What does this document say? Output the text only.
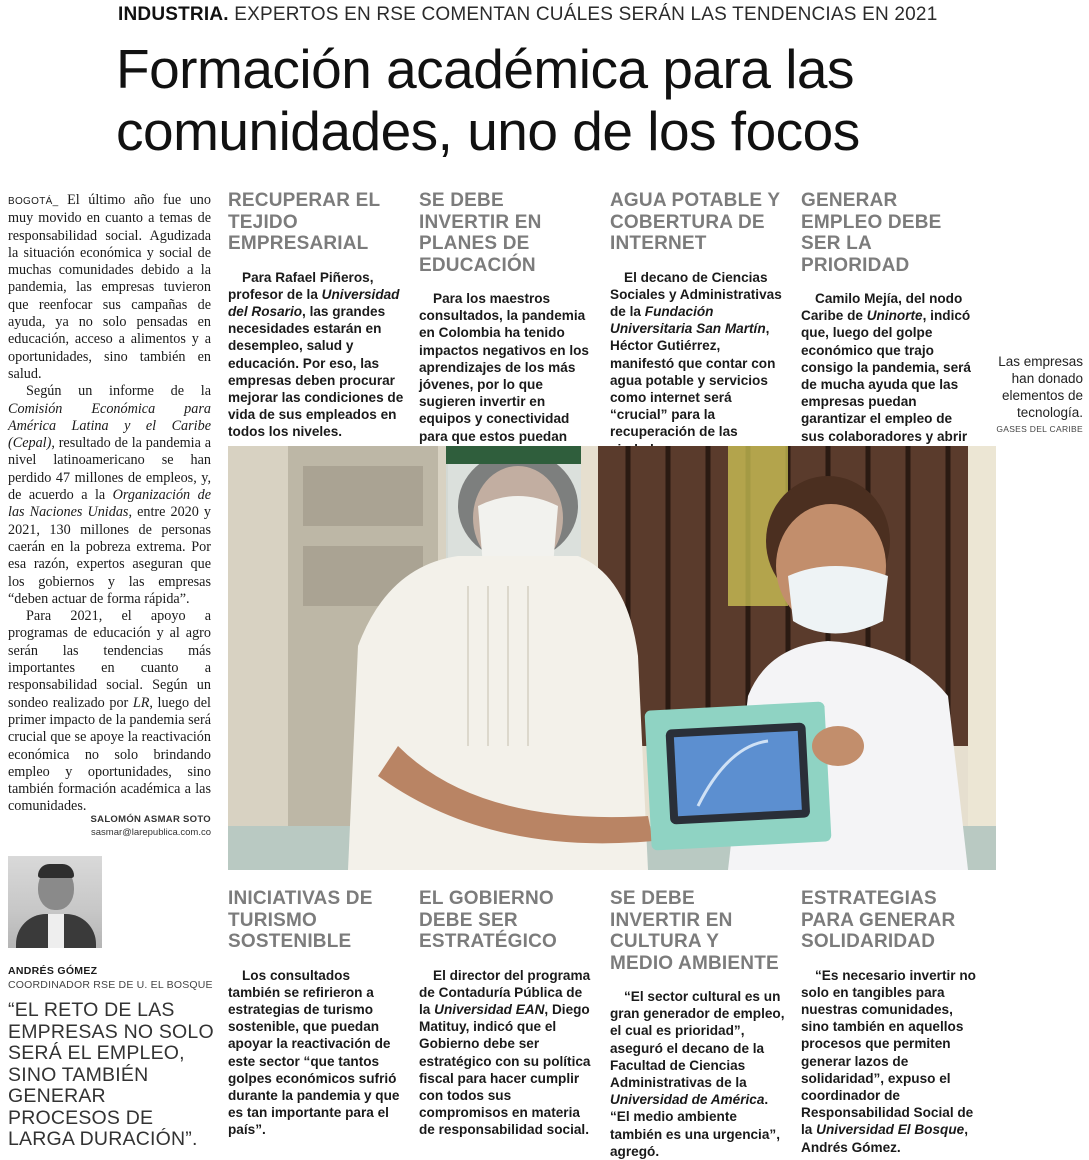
INDUSTRIA. EXPERTOS EN RSE COMENTAN CUÁLES SERÁN LAS TENDENCIAS EN 2021
Formación académica para las
comunidades, uno de los focos

BOGOTÁ_ El último año fue uno muy movido en cuanto a temas de responsabilidad social. Agudizada la situación económica y social de muchas comunidades debido a la pandemia, las empresas tuvieron que reenfocar sus campañas de ayuda, ya no solo pensadas en educación, acceso a alimentos y a oportunidades, sino también en salud.

Según un informe de la Comisión Económica para América Latina y el Caribe (Cepal), resultado de la pandemia a nivel latinoamericano se han perdido 47 millones de empleos, y, de acuerdo a la Organización de las Naciones Unidas, entre 2020 y 2021, 130 millones de personas caerán en la pobreza extrema. Por esa razón, expertos aseguran que los gobiernos y las empresas “deben actuar de forma rápida”.

Para 2021, el apoyo a programas de educación y al agro serán las tendencias más importantes en cuanto a responsabilidad social. Según un sondeo realizado por LR, luego del primer impacto de la pandemia será crucial que se apoye la reactivación económica no solo brindando empleo y oportunidades, sino también formación académica a las comunidades.

SALOMÓN ASMAR SOTO
sasmar@larepublica.com.co
ANDRÉS GÓMEZ
COORDINADOR RSE DE U. EL BOSQUE
“EL RETO DE LAS EMPRESAS NO SOLO SERÁ EL EMPLEO, SINO TAMBIÉN GENERAR PROCESOS DE LARGA DURACIÓN”.
RECUPERAR EL TEJIDO EMPRESARIAL
Para Rafael Piñeros, profesor de la Universidad del Rosario, las grandes necesidades estarán en desempleo, salud y educación. Por eso, las empresas deben procurar mejorar las condiciones de vida de sus empleados en todos los niveles.
SE DEBE INVERTIR EN PLANES DE EDUCACIÓN
Para los maestros consultados, la pandemia en Colombia ha tenido impactos negativos en los aprendizajes de los más jóvenes, por lo que sugieren invertir en equipos y conectividad para que estos puedan
AGUA POTABLE Y COBERTURA DE INTERNET
El decano de Ciencias Sociales y Administrativas de la Fundación Universitaria San Martín, Héctor Gutiérrez, manifestó que contar con agua potable y servicios como internet será “crucial” para la recuperación de las
GENERAR EMPLEO DEBE SER LA PRIORIDAD
Camilo Mejía, del nodo Caribe de Uninorte, indicó que, luego del golpe económico que trajo consigo la pandemia, será de mucha ayuda que las empresas puedan garantizar el empleo de sus colaboradores y abrir
Las empresas han donado elementos de tecnología.
GASES DEL CARIBE
INICIATIVAS DE TURISMO SOSTENIBLE
Los consultados también se refirieron a estrategias de turismo sostenible, que puedan apoyar la reactivación de este sector “que tantos golpes económicos sufrió durante la pandemia y que es tan importante para el país”.
EL GOBIERNO DEBE SER ESTRATÉGICO
El director del programa de Contaduría Pública de la Universidad EAN, Diego Matituy, indicó que el Gobierno debe ser estratégico con su política fiscal para hacer cumplir con todos sus compromisos en materia de responsabilidad social.
SE DEBE INVERTIR EN CULTURA Y MEDIO AMBIENTE
“El sector cultural es un gran generador de empleo, el cual es prioridad”, aseguró el decano de la Facultad de Ciencias Administrativas de la Universidad de América. “El medio ambiente también es una urgencia”, agregó.
ESTRATEGIAS PARA GENERAR SOLIDARIDAD
“Es necesario invertir no solo en tangibles para nuestras comunidades, sino también en aquellos procesos que permiten generar lazos de solidaridad”, expuso el coordinador de Responsabilidad Social de la Universidad El Bosque, Andrés Gómez.
